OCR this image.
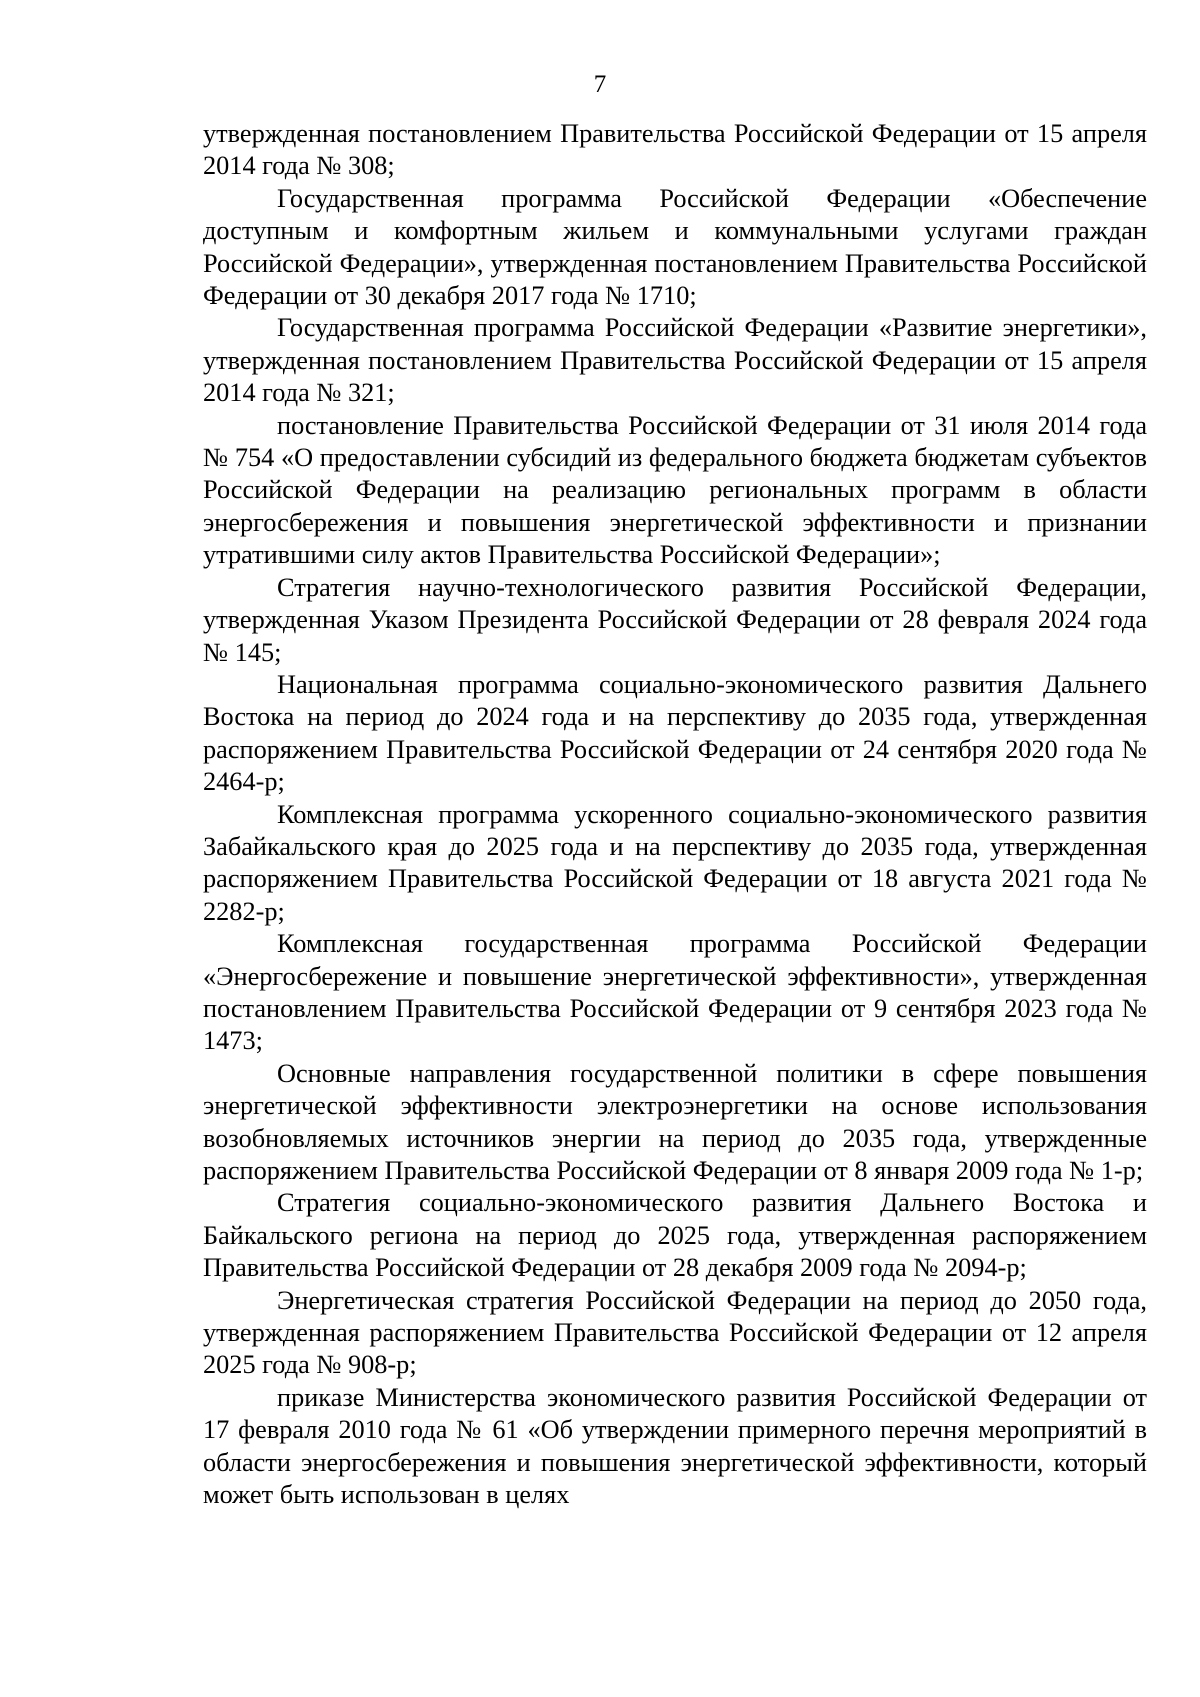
7

утвержденная постановлением Правительства Российской Федерации от 15 апреля 2014 года № 308;

Государственная программа Российской Федерации «Обеспечение доступным и комфортным жильем и коммунальными услугами граждан Российской Федерации», утвержденная постановлением Правительства Российской Федерации от 30 декабря 2017 года № 1710;

Государственная программа Российской Федерации «Развитие энергетики», утвержденная постановлением Правительства Российской Федерации от 15 апреля 2014 года № 321;

постановление Правительства Российской Федерации от 31 июля 2014 года № 754 «О предоставлении субсидий из федерального бюджета бюджетам субъектов Российской Федерации на реализацию региональных программ в области энергосбережения и повышения энергетической эффективности и признании утратившими силу актов Правительства Российской Федерации»;

Стратегия научно-технологического развития Российской Федерации, утвержденная Указом Президента Российской Федерации от 28 февраля 2024 года № 145;

Национальная программа социально-экономического развития Дальнего Востока на период до 2024 года и на перспективу до 2035 года, утвержденная распоряжением Правительства Российской Федерации от 24 сентября 2020 года № 2464-р;

Комплексная программа ускоренного социально-экономического развития Забайкальского края до 2025 года и на перспективу до 2035 года, утвержденная распоряжением Правительства Российской Федерации от 18 августа 2021 года № 2282-р;

Комплексная государственная программа Российской Федерации «Энергосбережение и повышение энергетической эффективности», утвержденная постановлением Правительства Российской Федерации от 9 сентября 2023 года № 1473;

Основные направления государственной политики в сфере повышения энергетической эффективности электроэнергетики на основе использования возобновляемых источников энергии на период до 2035 года, утвержденные распоряжением Правительства Российской Федерации от 8 января 2009 года № 1-р;

Стратегия социально-экономического развития Дальнего Востока и Байкальского региона на период до 2025 года, утвержденная распоряжением Правительства Российской Федерации от 28 декабря 2009 года № 2094-р;

Энергетическая стратегия Российской Федерации на период до 2050 года, утвержденная распоряжением Правительства Российской Федерации от 12 апреля 2025 года № 908-р;

приказе Министерства экономического развития Российской Федерации от 17 февраля 2010 года № 61 «Об утверждении примерного перечня мероприятий в области энергосбережения и повышения энергетической эффективности, который может быть использован в целях
